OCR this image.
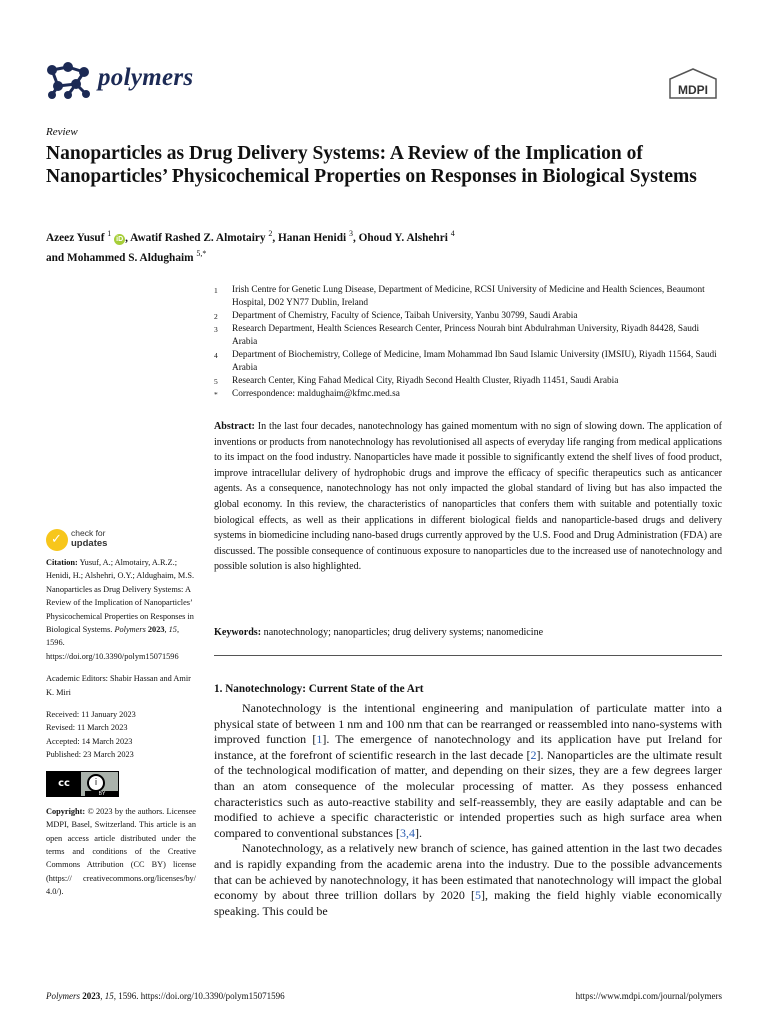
polymers	MDPI
Review
Nanoparticles as Drug Delivery Systems: A Review of the Implication of Nanoparticles’ Physicochemical Properties on Responses in Biological Systems
Azeez Yusuf $^1$ iD , Awatif Rashed Z. Almotairy $^2$, Hanan Henidi $^3$, Ohoud Y. Alshehri $^4$
and Mohammed S. Aldughaim $^{5,*}$
1	Irish Centre for Genetic Lung Disease, Department of Medicine, RCSI University of Medicine and Health Sciences, Beaumont Hospital, D02 YN77 Dublin, Ireland
2	Department of Chemistry, Faculty of Science, Taibah University, Yanbu 30799, Saudi Arabia
3	Research Department, Health Sciences Research Center, Princess Nourah bint Abdulrahman University, Riyadh 84428, Saudi Arabia
4	Department of Biochemistry, College of Medicine, Imam Mohammad Ibn Saud Islamic University (IMSIU), Riyadh 11564, Saudi Arabia
5	Research Center, King Fahad Medical City, Riyadh Second Health Cluster, Riyadh 11451, Saudi Arabia
*	Correspondence: maldughaim@kfmc.med.sa
Abstract: In the last four decades, nanotechnology has gained momentum with no sign of slowing down. The application of inventions or products from nanotechnology has revolutionised all aspects of everyday life ranging from medical applications to its impact on the food industry. Nanoparticles have made it possible to significantly extend the shelf lives of food product, improve intracellular delivery of hydrophobic drugs and improve the efficacy of specific therapeutics such as anticancer agents. As a consequence, nanotechnology has not only impacted the global standard of living but has also impacted the global economy. In this review, the characteristics of nanoparticles that confers them with suitable and potentially toxic biological effects, as well as their applications in different biological fields and nanoparticle-based drugs and delivery systems in biomedicine including nano-based drugs currently approved by the U.S. Food and Drug Administration (FDA) are discussed. The possible consequence of continuous exposure to nanoparticles due to the increased use of nanotechnology and possible solution is also highlighted.
Keywords: nanotechnology; nanoparticles; drug delivery systems; nanomedicine
✓ check for
updates

Citation: Yusuf, A.; Almotairy, A.R.Z.; Henidi, H.; Alshehri, O.Y.; Aldughaim, M.S. Nanoparticles as Drug Delivery Systems: A Review of the Implication of Nanoparticles’ Physicochemical Properties on Responses in Biological Systems. Polymers 2023, 15, 1596. https://doi.org/10.3390/polym15071596

Academic Editors: Shabir Hassan and Amir K. Miri

Received: 11 January 2023
Revised: 11 March 2023
Accepted: 14 March 2023
Published: 23 March 2023
cc	i
BY

Copyright: © 2023 by the authors. Licensee MDPI, Basel, Switzerland. This article is an open access article distributed under the terms and conditions of the Creative Commons Attribution (CC BY) license (https:// creativecommons.org/licenses/by/ 4.0/).

1. Nanotechnology: Current State of the Art

Nanotechnology is the intentional engineering and manipulation of particulate matter into a physical state of between 1 nm and 100 nm that can be rearranged or reassembled into nano-systems with improved function [1]. The emergence of nanotechnology and its application have put Ireland for instance, at the forefront of scientific research in the last decade [2]. Nanoparticles are the ultimate result of the technological modification of matter, and depending on their sizes, they are a few degrees larger than an atom consequence of the molecular processing of matter. As they possess enhanced characteristics such as auto-reactive stability and self-reassembly, they are easily adaptable and can be modified to achieve a specific characteristic or intended properties such as high surface area when compared to conventional substances [3,4].

Nanotechnology, as a relatively new branch of science, has gained attention in the last two decades and is rapidly expanding from the academic arena into the industry. Due to the possible advancements that can be achieved by nanotechnology, it has been estimated that nanotechnology will impact the global economy by about three trillion dollars by 2020 [5], making the field highly viable economically speaking. This could be

Polymers 2023, 15, 1596. https://doi.org/10.3390/polym15071596	https://www.mdpi.com/journal/polymers
